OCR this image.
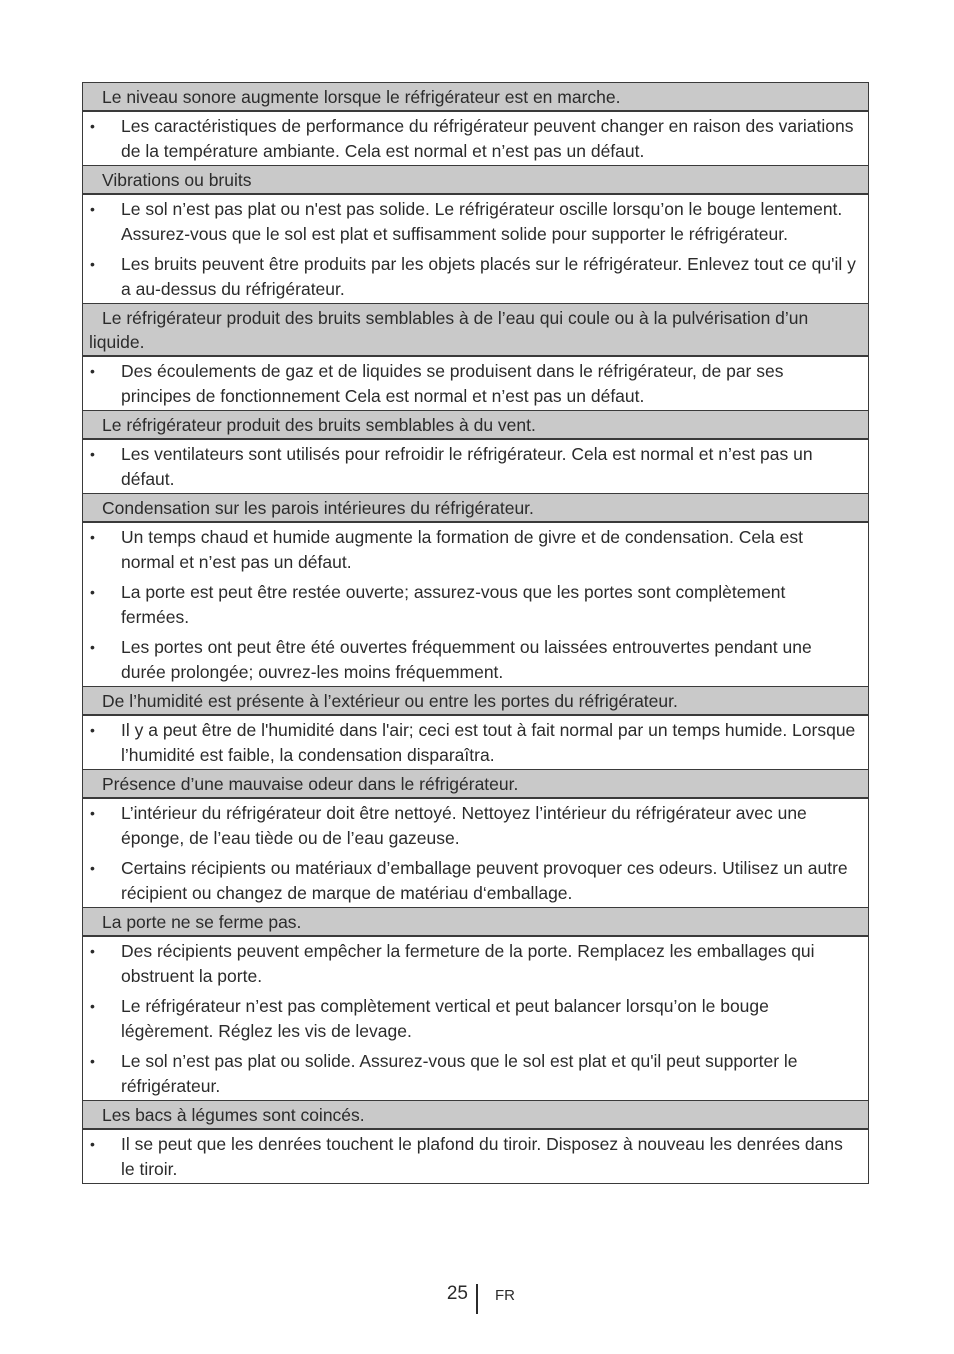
Le niveau sonore augmente lorsque le réfrigérateur est en marche.
• Les caractéristiques de performance du réfrigérateur peuvent changer en raison des variations de la température ambiante. Cela est normal et n’est pas un défaut.
Vibrations ou bruits
• Le sol n’est pas plat ou n'est pas solide. Le réfrigérateur oscille lorsqu’on le bouge lentement. Assurez-vous que le sol est plat et suffisamment solide pour supporter le réfrigérateur.
• Les bruits peuvent être produits par les objets placés sur le réfrigérateur. Enlevez tout ce qu'il y a au-dessus du réfrigérateur.
Le réfrigérateur produit des bruits semblables à de l’eau qui coule ou à la pulvérisation d’un liquide.
• Des écoulements de gaz et de liquides se produisent dans le réfrigérateur, de par ses principes de fonctionnement Cela est normal et n’est pas un défaut.
Le réfrigérateur produit des bruits semblables à du vent.
• Les ventilateurs sont utilisés pour refroidir le réfrigérateur. Cela est normal et n’est pas un défaut.
Condensation sur les parois intérieures du réfrigérateur.
• Un temps chaud et humide augmente la formation de givre et de condensation. Cela est normal et n’est pas un défaut.
• La porte est peut être restée ouverte; assurez-vous que les portes sont complètement fermées.
• Les portes ont peut être été ouvertes fréquemment ou laissées entrouvertes pendant une durée prolongée; ouvrez-les moins fréquemment.
De l’humidité est présente à l’extérieur ou entre les portes du réfrigérateur.
• Il y a peut être de l'humidité dans l'air; ceci est tout à fait normal par un temps humide. Lorsque l’humidité est faible, la condensation disparaîtra.
Présence d’une mauvaise odeur dans le réfrigérateur.
• L’intérieur du réfrigérateur doit être nettoyé. Nettoyez l’intérieur du réfrigérateur avec une éponge, de l’eau tiède ou de l’eau gazeuse.
• Certains récipients ou matériaux d’emballage peuvent provoquer ces odeurs. Utilisez un autre récipient ou changez de marque de matériau d‘emballage.
La porte ne se ferme pas.
• Des récipients peuvent empêcher la fermeture de la porte. Remplacez les emballages qui obstruent la porte.
• Le réfrigérateur n’est pas complètement vertical et peut balancer lorsqu’on le bouge légèrement. Réglez les vis de levage.
• Le sol n’est pas plat ou solide. Assurez-vous que le sol est plat et qu'il peut supporter le réfrigérateur.
Les bacs à légumes sont coincés.
• Il se peut que les denrées touchent le plafond du tiroir. Disposez à nouveau les denrées dans le tiroir.
25 FR
